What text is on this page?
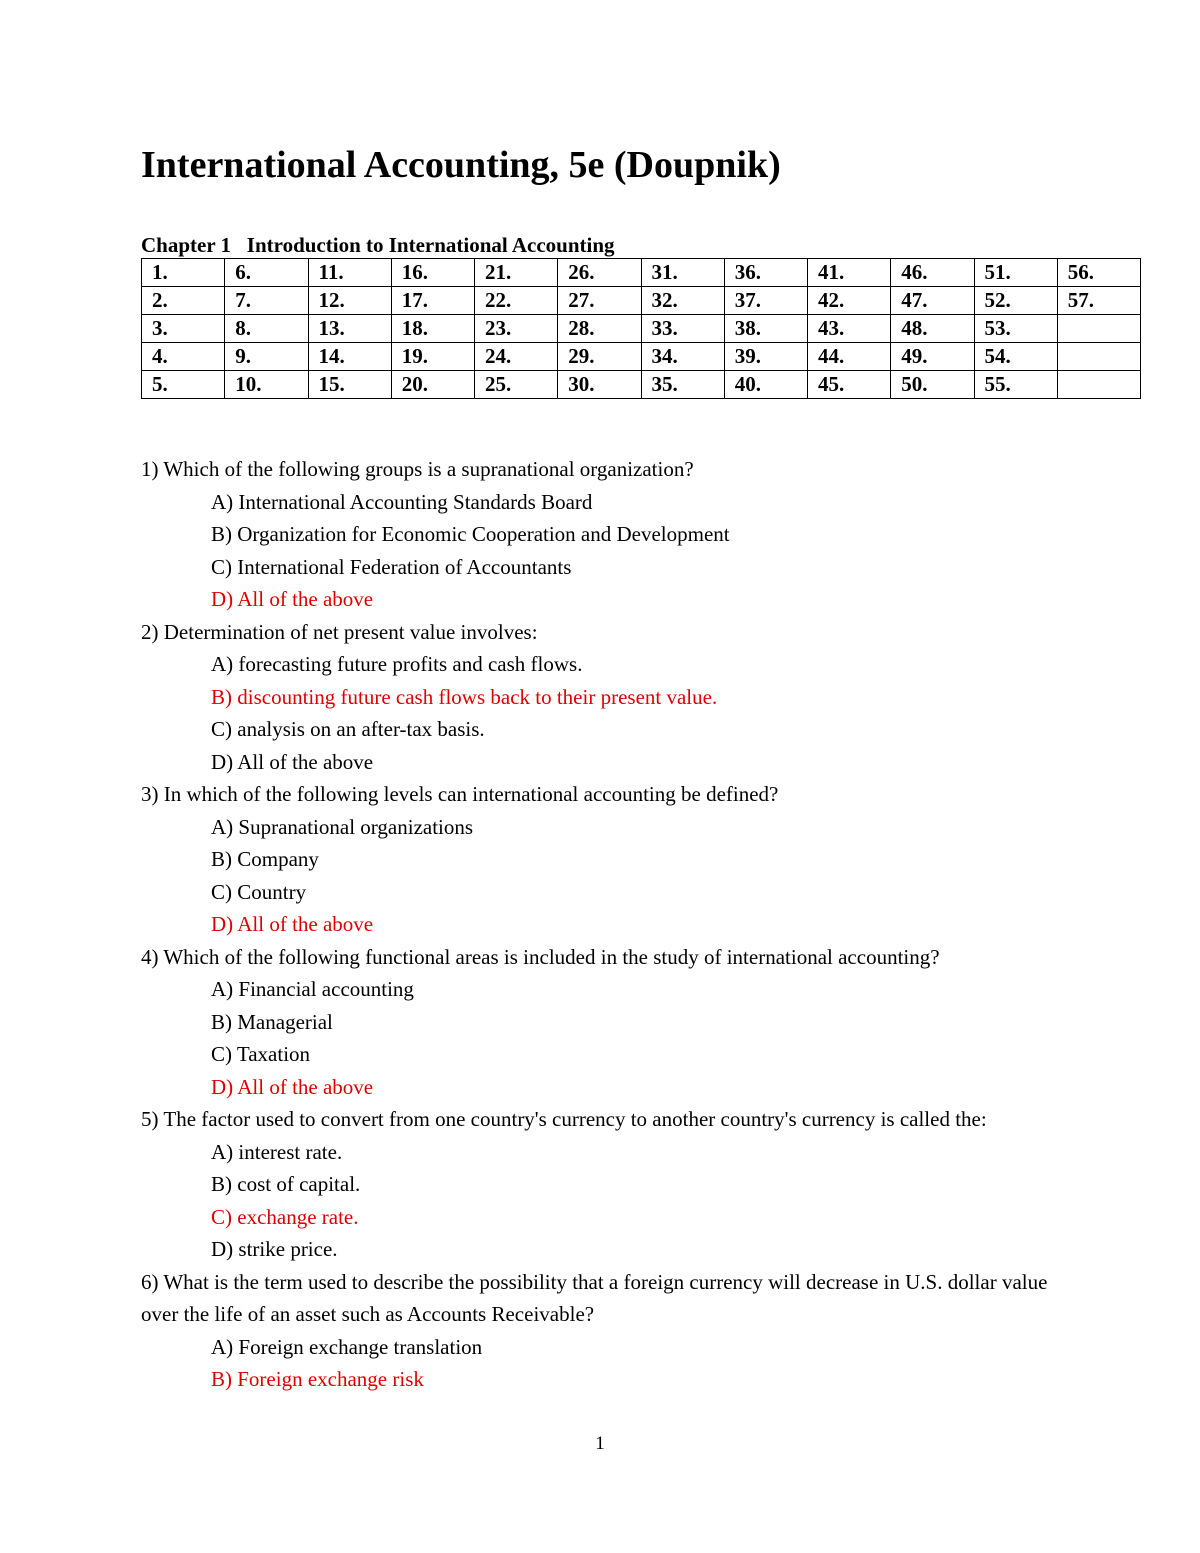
International Accounting, 5e (Doupnik)
Chapter 1   Introduction to International Accounting
1.	6.	11.	16.	21.	26.	31.	36.	41.	46.	51.	56.
2.	7.	12.	17.	22.	27.	32.	37.	42.	47.	52.	57.
3.	8.	13.	18.	23.	28.	33.	38.	43.	48.	53.	
4.	9.	14.	19.	24.	29.	34.	39.	44.	49.	54.	
5.	10.	15.	20.	25.	30.	35.	40.	45.	50.	55.	

1) Which of the following groups is a supranational organization?

A) International Accounting Standards Board

B) Organization for Economic Cooperation and Development

C) International Federation of Accountants

D) All of the above

2) Determination of net present value involves:

A) forecasting future profits and cash flows.

B) discounting future cash flows back to their present value.

C) analysis on an after-tax basis.

D) All of the above

3) In which of the following levels can international accounting be defined?

A) Supranational organizations

B) Company

C) Country

D) All of the above

4) Which of the following functional areas is included in the study of international accounting?

A) Financial accounting

B) Managerial

C) Taxation

D) All of the above

5) The factor used to convert from one country's currency to another country's currency is called the:

A) interest rate.

B) cost of capital.

C) exchange rate.

D) strike price.

6) What is the term used to describe the possibility that a foreign currency will decrease in U.S. dollar value over the life of an asset such as Accounts Receivable?

A) Foreign exchange translation

B) Foreign exchange risk

1
